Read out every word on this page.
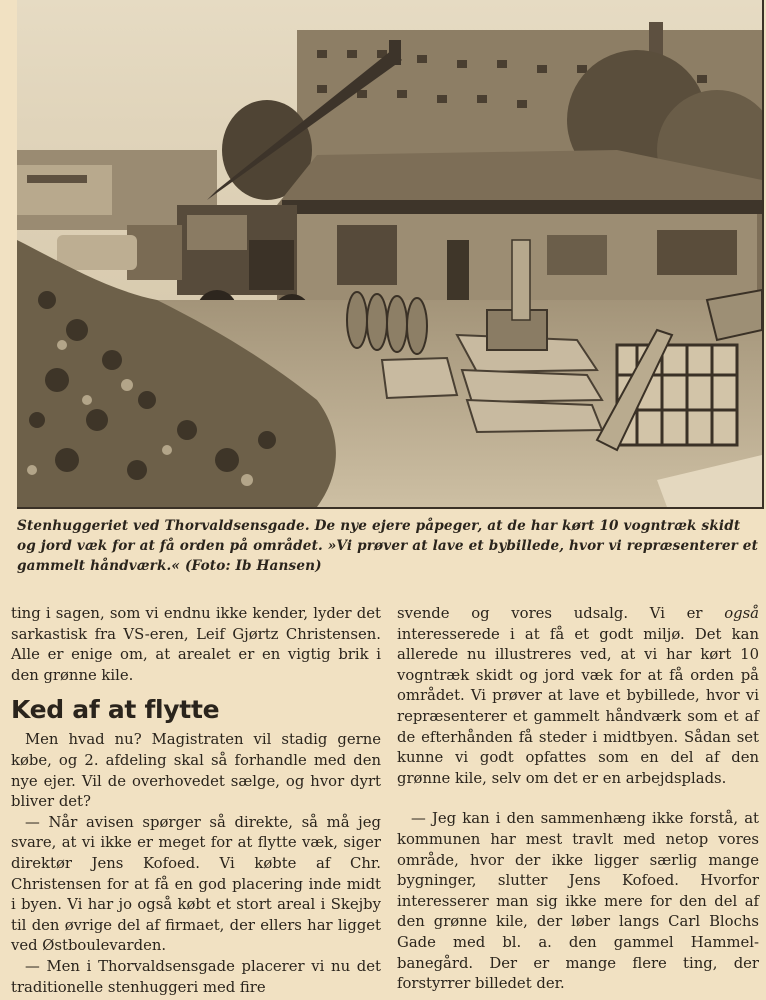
Stenhuggeriet ved Thorvaldsensgade. De nye ejere påpeger, at de har kørt 10 vogntræk skidt og jord væk for at få orden på området. »Vi prøver at lave et bybillede, hvor vi repræsenterer et gammelt håndværk.« (Foto: Ib Hansen)

ting i sagen, som vi endnu ikke kender, lyder det sarkastisk fra VS-eren, Leif Gjørtz Christensen. Alle er enige om, at arealet er en vigtig brik i den grønne kile.

Ked af at flytte

Men hvad nu? Magistraten vil stadig gerne købe, og 2. afdeling skal så forhandle med den nye ejer. Vil de overhovedet sælge, og hvor dyrt bliver det?

— Når avisen spørger så direkte, så må jeg svare, at vi ikke er meget for at flytte væk, siger direktør Jens Kofoed. Vi købte af Chr. Christensen for at få en god placering inde midt i byen. Vi har jo også købt et stort areal i Skejby til den øvrige del af firmaet, der ellers har ligget ved Østboulevarden.

— Men i Thorvaldsensgade placerer vi nu det traditionelle stenhuggeri med fire

svende og vores udsalg. Vi er også interesserede i at få et godt miljø. Det kan allerede nu illustreres ved, at vi har kørt 10 vogntræk skidt og jord væk for at få orden på området. Vi prøver at lave et bybillede, hvor vi repræsenterer et gammelt håndværk som et af de efterhånden få steder i midtbyen. Sådan set kunne vi godt opfattes som en del af den grønne kile, selv om det er en arbejdsplads.

— Jeg kan i den sammenhæng ikke forstå, at kommunen har mest travlt med netop vores område, hvor der ikke ligger særlig mange bygninger, slutter Jens Kofoed. Hvorfor interesserer man sig ikke mere for den del af den grønne kile, der løber langs Carl Blochs Gade med bl. a. den gammel Hammel-banegård. Der er mange flere ting, der forstyrrer billedet der.
